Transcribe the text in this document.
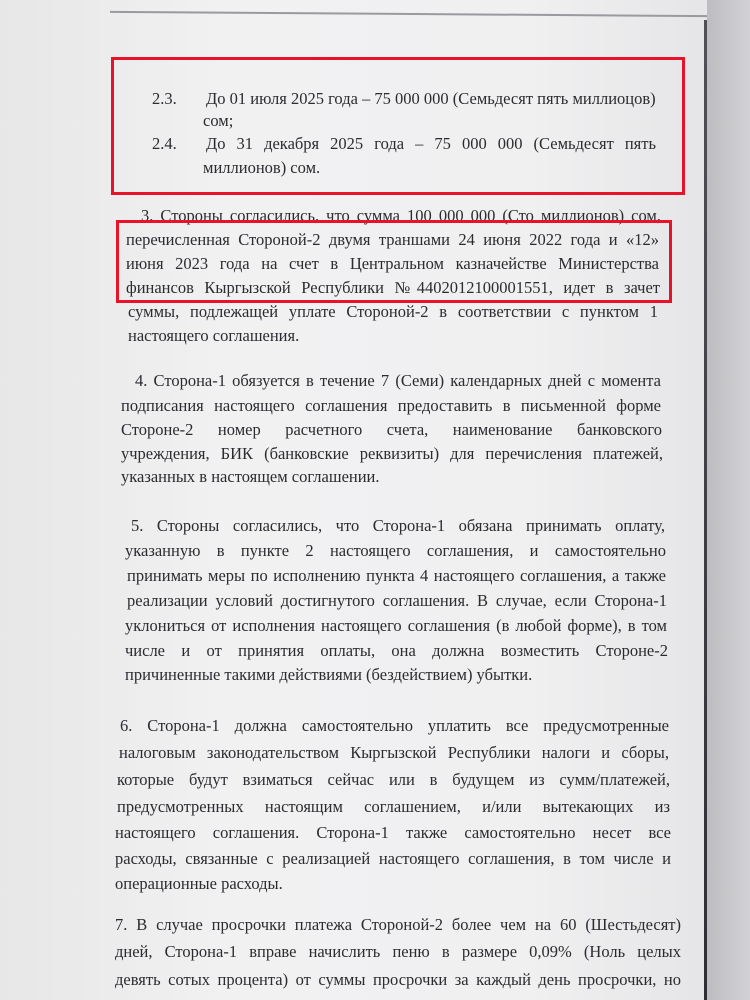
2.3. До 01 июля 2025 года – 75 000 000 (Семьдесят пять миллиоцов)
сом;
2.4. До 31 декабря 2025 года – 75 000 000 (Семьдесят пять
миллионов) сом.
3. Стороны согласились, что сумма 100 000 000 (Сто миллионов) сом,
перечисленная Стороной-2 двумя траншами 24 июня 2022 года и «12»
июня 2023 года на счет в Центральном казначействе Министерства
финансов Кыргызской Республики №4402012100001551, идет в зачет
суммы, подлежащей уплате Стороной-2 в соответствии с пунктом 1
настоящего соглашения.
4. Сторона-1 обязуется в течение 7 (Семи) календарных дней с момента
подписания настоящего соглашения предоставить в письменной форме
Стороне-2 номер расчетного счета, наименование банковского
учреждения, БИК (банковские реквизиты) для перечисления платежей,
указанных в настоящем соглашении.
5. Стороны согласились, что Сторона-1 обязана принимать оплату,
указанную в пункте 2 настоящего соглашения, и самостоятельно
принимать меры по исполнению пункта 4 настоящего соглашения, а также
реализации условий достигнутого соглашения. В случае, если Сторона-1
уклониться от исполнения настоящего соглашения (в любой форме), в том
числе и от принятия оплаты, она должна возместить Стороне-2
причиненные такими действиями (бездействием) убытки.
6. Сторона-1 должна самостоятельно уплатить все предусмотренные
налоговым законодательством Кыргызской Республики налоги и сборы,
которые будут взиматься сейчас или в будущем из сумм/платежей,
предусмотренных настоящим соглашением, и/или вытекающих из
настоящего соглашения. Сторона-1 также самостоятельно несет все
расходы, связанные с реализацией настоящего соглашения, в том числе и
операционные расходы.
7. В случае просрочки платежа Стороной-2 более чем на 60 (Шестьдесят)
дней, Сторона-1 вправе начислить пеню в размере 0,09% (Ноль целых
девять сотых процента) от суммы просрочки за каждый день просрочки, но
